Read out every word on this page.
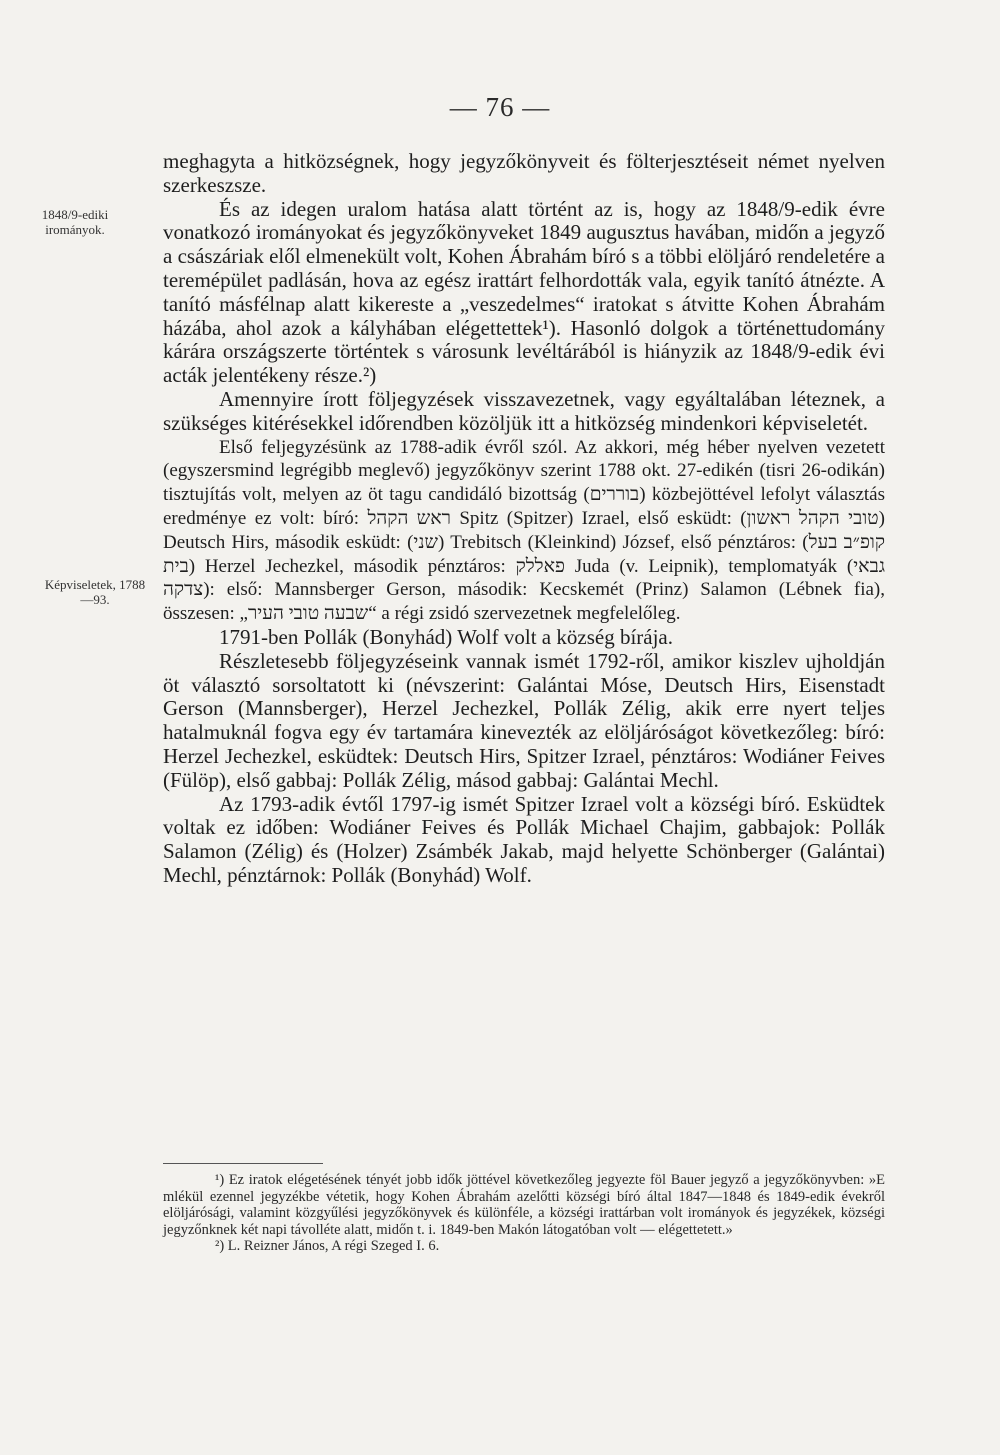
— 76 —
1848/9-ediki irományok.
Képviseletek, 1788—93.

meghagyta a hitközségnek, hogy jegyzőkönyveit és fölterjesztéseit német nyelven szerkeszsze.

És az idegen uralom hatása alatt történt az is, hogy az 1848/9-edik évre vonatkozó irományokat és jegyzőkönyveket 1849 augusztus havában, midőn a jegyző a császáriak elől elmenekült volt, Kohen Ábrahám bíró s a többi elöljáró rendeletére a teremépület padlásán, hova az egész irattárt felhordották vala, egyik tanító átnézte. A tanító másfélnap alatt kikereste a „veszedelmes“ iratokat s átvitte Kohen Ábrahám házába, ahol azok a kályhában elégettettek¹). Hasonló dolgok a történettudomány kárára országszerte történtek s városunk levéltárából is hiányzik az 1848/9-edik évi acták jelentékeny része.²)

Amennyire írott följegyzések visszavezetnek, vagy egyáltalában léteznek, a szükséges kitérésekkel időrendben közöljük itt a hitközség mindenkori képviseletét.

Első feljegyzésünk az 1788-adik évről szól. Az akkori, még héber nyelven vezetett (egyszersmind legrégibb meglevő) jegyzőkönyv szerint 1788 okt. 27-edikén (tisri 26-odikán) tisztujítás volt, melyen az öt tagu candidáló bizottság (בוררים) közbejöttével lefolyt választás eredménye ez volt: bíró: ראש הקהל Spitz (Spitzer) Izrael, első esküdt: (טובי הקהל ראשון) Deutsch Hirs, második esküdt: (שני) Trebitsch (Kleinkind) József, első pénztáros: (קופ״ב בעל בית) Herzel Jechezkel, második pénztáros: פאללק Juda (v. Leipnik), templomatyák (גבאי צדקה): első: Mannsberger Gerson, második: Kecskemét (Prinz) Salamon (Lébnek fia), összesen: „שבעה טובי העיר“ a régi zsidó szervezetnek megfelelőleg.

1791-ben Pollák (Bonyhád) Wolf volt a község bírája.

Részletesebb följegyzéseink vannak ismét 1792-ről, amikor kiszlev ujholdján öt választó sorsoltatott ki (névszerint: Galántai Móse, Deutsch Hirs, Eisenstadt Gerson (Mannsberger), Herzel Jechezkel, Pollák Zélig, akik erre nyert teljes hatalmuknál fogva egy év tartamára kinevezték az elöljáróságot következőleg: bíró: Herzel Jechezkel, esküdtek: Deutsch Hirs, Spitzer Izrael, pénztáros: Wodiáner Feives (Fülöp), első gabbaj: Pollák Zélig, másod gabbaj: Galántai Mechl.

Az 1793-adik évtől 1797-ig ismét Spitzer Izrael volt a községi bíró. Esküdtek voltak ez időben: Wodiáner Feives és Pollák Michael Chajim, gabbajok: Pollák Salamon (Zélig) és (Holzer) Zsámbék Jakab, majd helyette Schönberger (Galántai) Mechl, pénztárnok: Pollák (Bonyhád) Wolf.

¹) Ez iratok elégetésének tényét jobb idők jöttével következőleg jegyezte föl Bauer jegyző a jegyzőkönyvben: »E mlékül ezennel jegyzékbe vétetik, hogy Kohen Ábrahám azelőtti községi bíró által 1847—1848 és 1849-edik évekről elöljárósági, valamint közgyűlési jegyzőkönyvek és különféle, a községi irattárban volt irományok és jegyzékek, községi jegyzőnknek két napi távolléte alatt, midőn t. i. 1849-ben Makón látogatóban volt — elégettetett.»

²) L. Reizner János, A régi Szeged I. 6.
